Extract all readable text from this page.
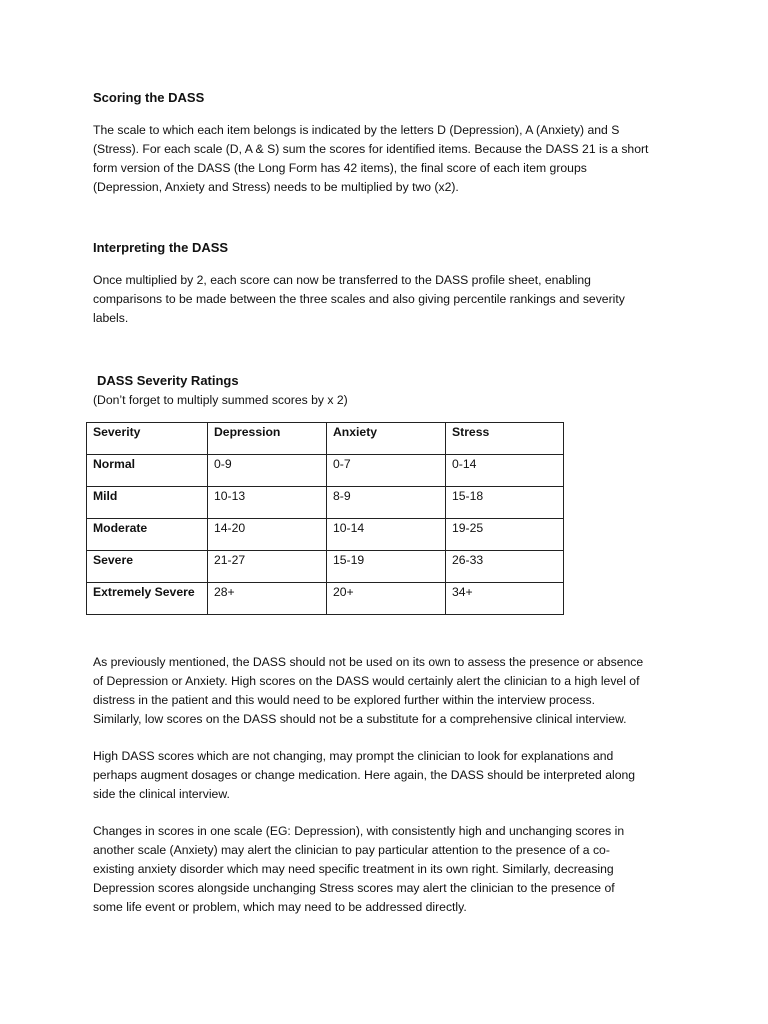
Scoring the DASS
The scale to which each item belongs is indicated by the letters D (Depression), A (Anxiety) and S
(Stress). For each scale (D, A & S) sum the scores for identified items. Because the DASS 21 is a short
form version of the DASS (the Long Form has 42 items), the final score of each item groups
(Depression, Anxiety and Stress) needs to be multiplied by two (x2).
Interpreting the DASS
Once multiplied by 2, each score can now be transferred to the DASS profile sheet, enabling
comparisons to be made between the three scales and also giving percentile rankings and severity
labels.
DASS Severity Ratings

(Don’t forget to multiply summed scores by x 2)

Severity	Depression	Anxiety	Stress
Normal	0-9	0-7	0-14
Mild	10-13	8-9	15-18
Moderate	14-20	10-14	19-25
Severe	21-27	15-19	26-33
Extremely Severe	28+	20+	34+
As previously mentioned, the DASS should not be used on its own to assess the presence or absence
of Depression or Anxiety. High scores on the DASS would certainly alert the clinician to a high level of
distress in the patient and this would need to be explored further within the interview process.
Similarly, low scores on the DASS should not be a substitute for a comprehensive clinical interview.
High DASS scores which are not changing, may prompt the clinician to look for explanations and
perhaps augment dosages or change medication. Here again, the DASS should be interpreted along
side the clinical interview.
Changes in scores in one scale (EG: Depression), with consistently high and unchanging scores in
another scale (Anxiety) may alert the clinician to pay particular attention to the presence of a co-
existing anxiety disorder which may need specific treatment in its own right. Similarly, decreasing
Depression scores alongside unchanging Stress scores may alert the clinician to the presence of
some life event or problem, which may need to be addressed directly.
